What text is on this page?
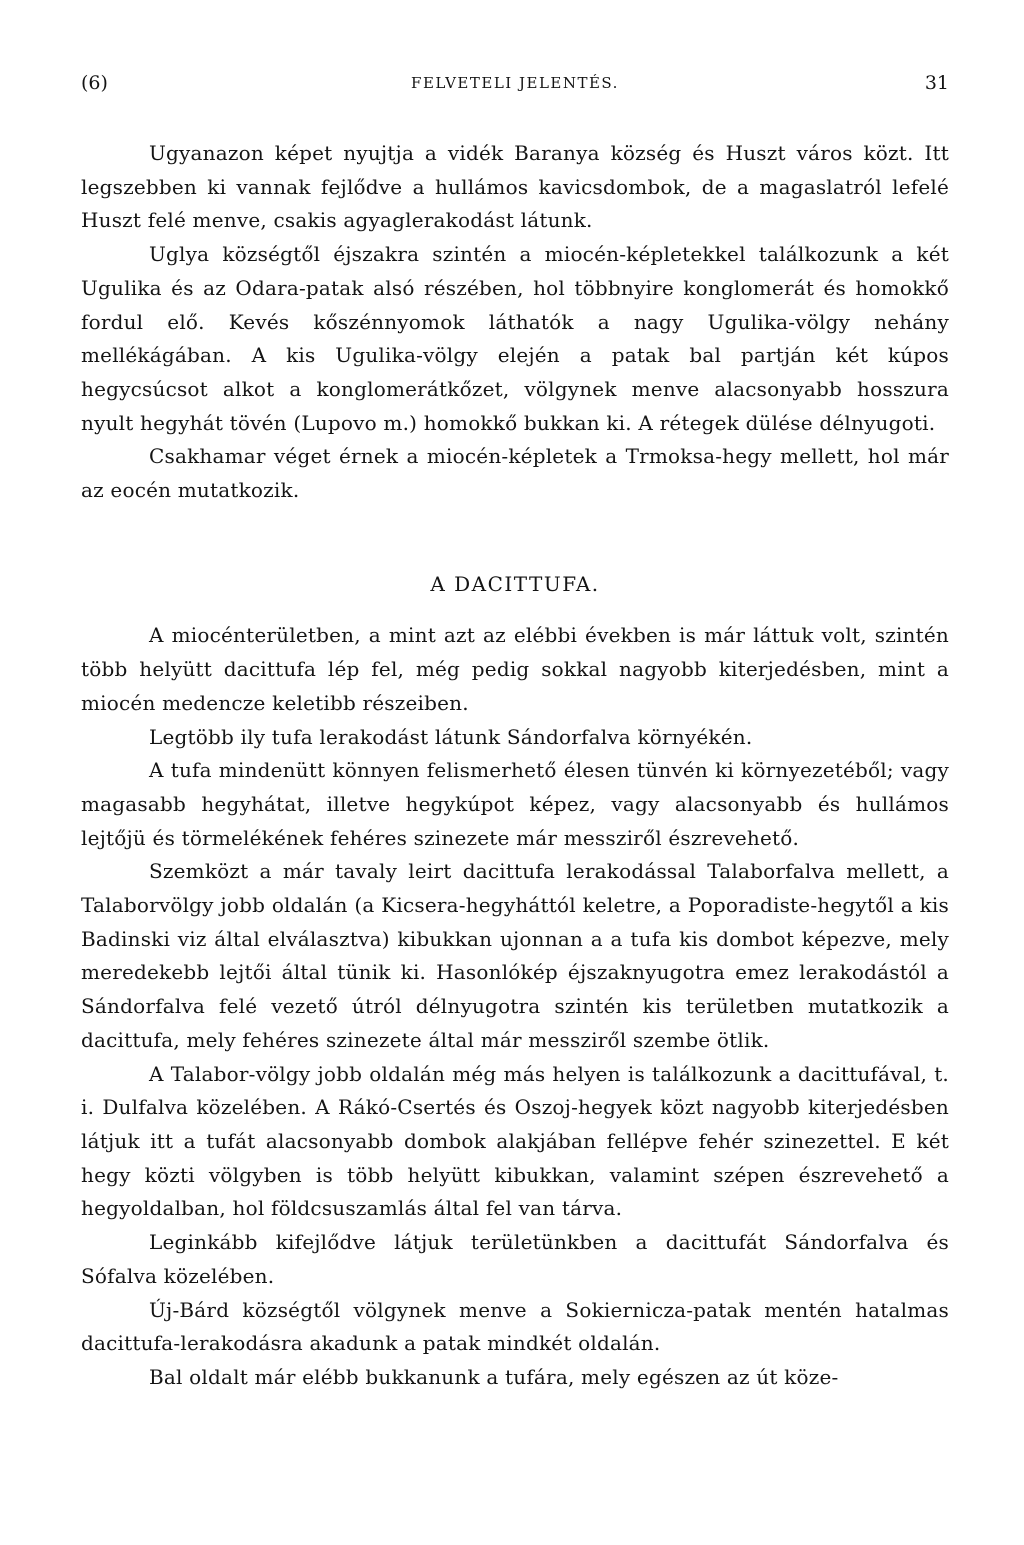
(6)	FELVETELI JELENTÉS.	31

Ugyanazon képet nyujtja a vidék Baranya község és Huszt város közt. Itt legszebben ki vannak fejlődve a hullámos kavicsdombok, de a magaslatról lefelé Huszt felé menve, csakis agyaglerakodást látunk.

Uglya községtől éjszakra szintén a miocén-képletekkel találkozunk a két Ugulika és az Odara-patak alsó részében, hol többnyire konglomerát és homokkő fordul elő. Kevés kőszénnyomok láthatók a nagy Ugulika-völgy nehány mellékágában. A kis Ugulika-völgy elején a patak bal partján két kúpos hegycsúcsot alkot a konglomerátkőzet, völgynek menve alacsonyabb hosszura nyult hegyhát tövén (Lupovo m.) homokkő bukkan ki. A rétegek dülése délnyugoti.

Csakhamar véget érnek a miocén-képletek a Trmoksa-hegy mellett, hol már az eocén mutatkozik.

A DACITTUFA.

A miocénterületben, a mint azt az elébbi években is már láttuk volt, szintén több helyütt dacittufa lép fel, még pedig sokkal nagyobb kiterjedésben, mint a miocén medencze keletibb részeiben.

Legtöbb ily tufa lerakodást látunk Sándorfalva környékén.

A tufa mindenütt könnyen felismerhető élesen tünvén ki környezetéből; vagy magasabb hegyhátat, illetve hegykúpot képez, vagy alacsonyabb és hullámos lejtőjü és törmelékének fehéres szinezete már messziről észrevehető.

Szemközt a már tavaly leirt dacittufa lerakodással Talaborfalva mellett, a Talaborvölgy jobb oldalán (a Kicsera-hegyháttól keletre, a Poporadiste-hegytől a kis Badinski viz által elválasztva) kibukkan ujonnan a a tufa kis dombot képezve, mely meredekebb lejtői által tünik ki. Hasonlókép éjszaknyugotra emez lerakodástól a Sándorfalva felé vezető útról délnyugotra szintén kis területben mutatkozik a dacittufa, mely fehéres szinezete által már messziről szembe ötlik.

A Talabor-völgy jobb oldalán még más helyen is találkozunk a dacittufával, t. i. Dulfalva közelében. A Rákó-Csertés és Oszoj-hegyek közt nagyobb kiterjedésben látjuk itt a tufát alacsonyabb dombok alakjában fellépve fehér szinezettel. E két hegy közti völgyben is több helyütt kibukkan, valamint szépen észrevehető a hegyoldalban, hol földcsuszamlás által fel van tárva.

Leginkább kifejlődve látjuk területünkben a dacittufát Sándorfalva és Sófalva közelében.

Új-Bárd községtől völgynek menve a Sokiernicza-patak mentén hatalmas dacittufa-lerakodásra akadunk a patak mindkét oldalán.

Bal oldalt már elébb bukkanunk a tufára, mely egészen az út köze-
